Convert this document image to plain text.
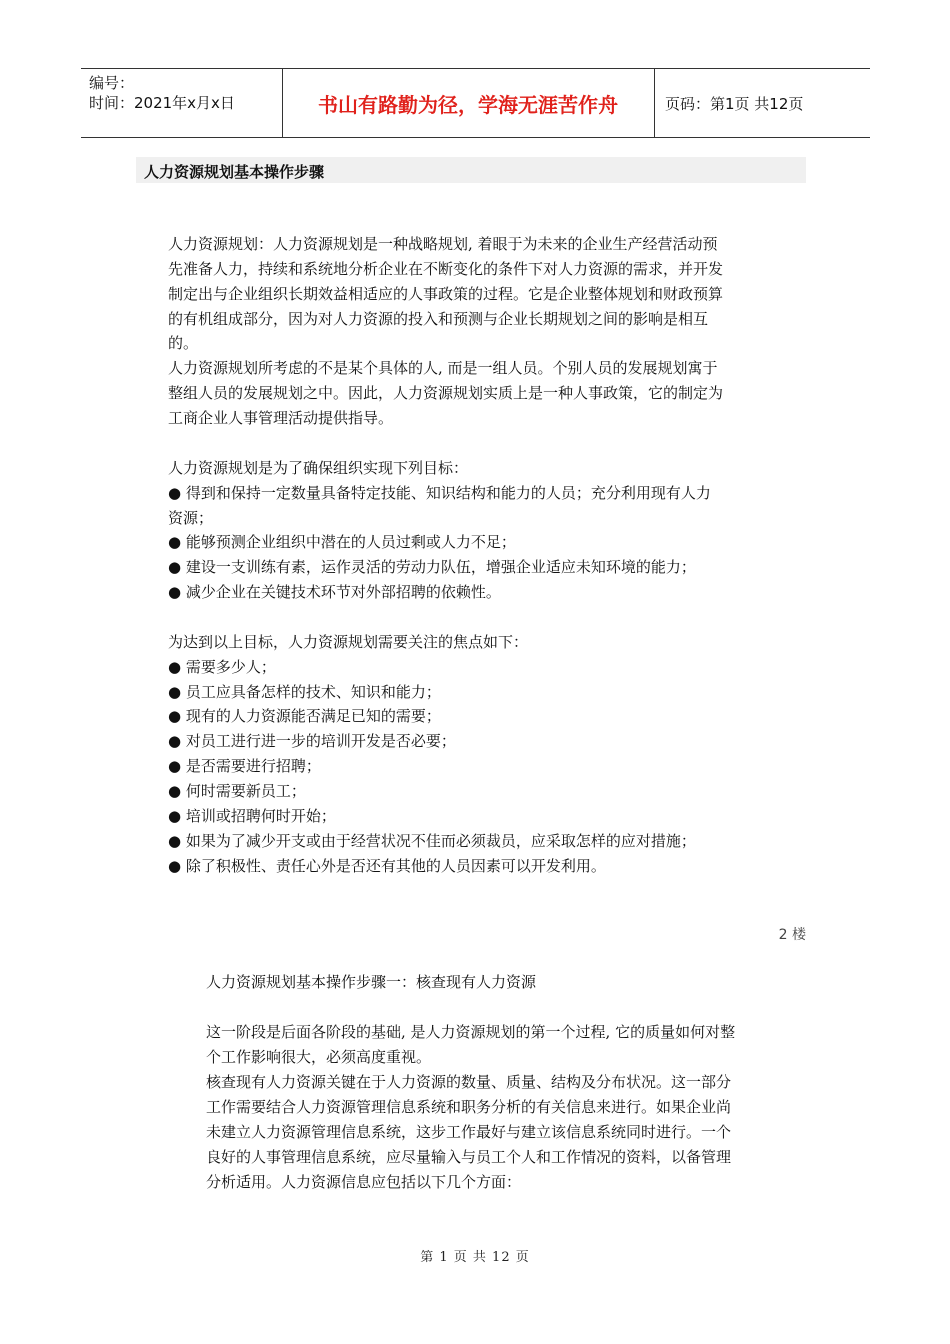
编号：
时间：2021年x月x日	书山有路勤为径，学海无涯苦作舟	页码：第1页 共12页
人力资源规划基本操作步骤
人力资源规划：人力资源规划是一种战略规划, 着眼于为未来的企业生产经营活动预
先准备人力，持续和系统地分析企业在不断变化的条件下对人力资源的需求，并开发
制定出与企业组织长期效益相适应的人事政策的过程。它是企业整体规划和财政预算
的有机组成部分，因为对人力资源的投入和预测与企业长期规划之间的影响是相互
的。
人力资源规划所考虑的不是某个具体的人, 而是一组人员。个别人员的发展规划寓于
整组人员的发展规划之中。因此，人力资源规划实质上是一种人事政策，它的制定为
工商企业人事管理活动提供指导。
人力资源规划是为了确保组织实现下列目标：
● 得到和保持一定数量具备特定技能、知识结构和能力的人员；充分利用现有人力
资源；
● 能够预测企业组织中潜在的人员过剩或人力不足；
● 建设一支训练有素，运作灵活的劳动力队伍，增强企业适应未知环境的能力；
● 减少企业在关键技术环节对外部招聘的依赖性。
为达到以上目标，人力资源规划需要关注的焦点如下：
● 需要多少人；
● 员工应具备怎样的技术、知识和能力；
● 现有的人力资源能否满足已知的需要；
● 对员工进行进一步的培训开发是否必要；
● 是否需要进行招聘；
● 何时需要新员工；
● 培训或招聘何时开始；
● 如果为了减少开支或由于经营状况不佳而必须裁员，应采取怎样的应对措施；
● 除了积极性、责任心外是否还有其他的人员因素可以开发利用。
2 楼
人力资源规划基本操作步骤一：核查现有人力资源
这一阶段是后面各阶段的基础, 是人力资源规划的第一个过程, 它的质量如何对整
个工作影响很大，必须高度重视。
核查现有人力资源关键在于人力资源的数量、质量、结构及分布状况。这一部分
工作需要结合人力资源管理信息系统和职务分析的有关信息来进行。如果企业尚
未建立人力资源管理信息系统，这步工作最好与建立该信息系统同时进行。一个
良好的人事管理信息系统，应尽量输入与员工个人和工作情况的资料，以备管理
分析适用。人力资源信息应包括以下几个方面：
第 1 页 共 12 页
